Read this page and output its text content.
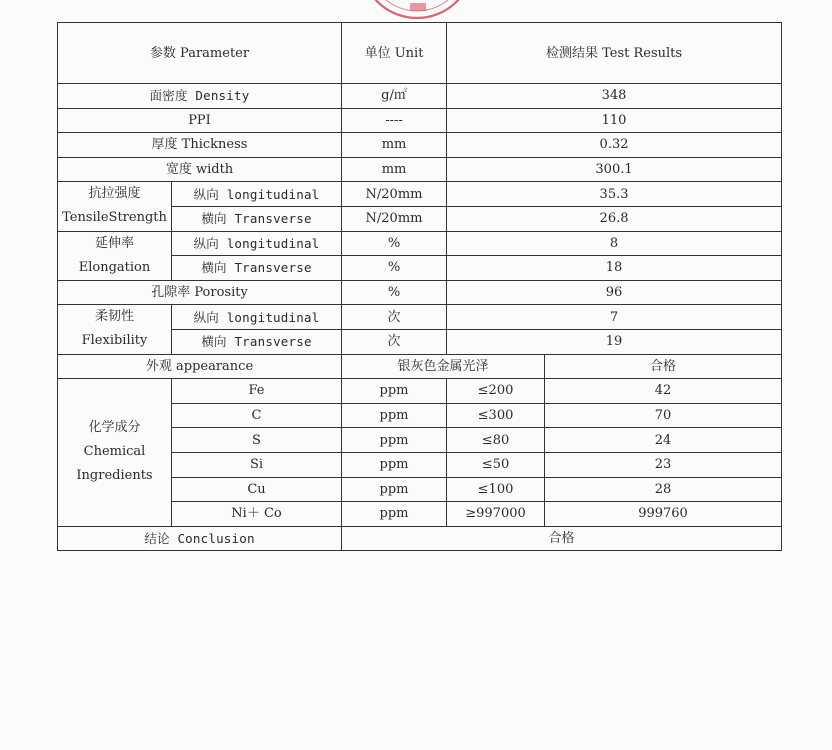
参数 Parameter		单位 Unit	检测结果 Test Results	
面密度 Density		g/㎡	348	
PPI		----	110	
厚度 Thickness		mm	0.32	
宽度 width		mm	300.1	

抗拉强度
TensileStrength	纵向 longitudinal	N/20mm	35.3	
	横向 Transverse	N/20mm	26.8	

延伸率
Elongation	纵向 longitudinal	%	8	
	横向 Transverse	%	18	
孔隙率 Porosity		%	96	

柔韧性
Flexibility	纵向 longitudinal	次	7	
	横向 Transverse	次	19	
外观 appearance		银灰色金属光泽		合格

化学成分
Chemical
Ingredients	Fe	ppm	≤200	42
	C	ppm	≤300	70
	S	ppm	≤80	24
	Si	ppm	≤50	23
	Cu	ppm	≤100	28
	Ni＋ Co	ppm	≥997000	999760
结论 Conclusion		合格		
